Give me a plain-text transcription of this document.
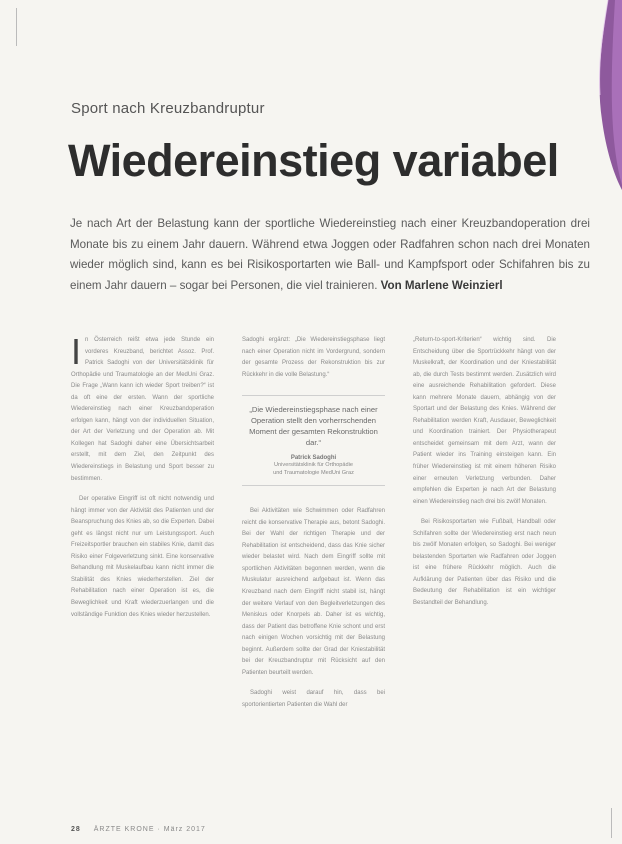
Sport nach Kreuzbandruptur
Wiedereinstieg variabel
Je nach Art der Belastung kann der sportliche Wiedereinstieg nach einer Kreuzbandoperation drei Monate bis zu einem Jahr dauern. Während etwa Joggen oder Radfahren schon nach drei Monaten wieder möglich sind, kann es bei Risikosportarten wie Ball- und Kampfsport oder Schifahren bis zu einem Jahr dauern – sogar bei Personen, die viel trainieren. Von Marlene Weinzierl

In Österreich reißt etwa jede Stunde ein vorderes Kreuzband, berichtet Assoz. Prof. Patrick Sadoghi von der Universitätsklinik für Orthopädie und Traumatologie an der MedUni Graz. Die Frage „Wann kann ich wieder Sport treiben?“ ist da oft eine der ersten. Wann der sportliche Wiedereinstieg nach einer Kreuzbandoperation erfolgen kann, hängt von der individuellen Situation, der Art der Verletzung und der Operation ab. Mit Kollegen hat Sadoghi daher eine Übersichtsarbeit erstellt, mit dem Ziel, den Zeitpunkt des Wiedereinstiegs in Belastung und Sport besser zu bestimmen.

Der operative Eingriff ist oft nicht notwendig und hängt immer von der Aktivität des Patienten und der Beanspruchung des Knies ab, so die Experten. Dabei geht es längst nicht nur um Leistungssport. Auch Freizeitsportler brauchen ein stabiles Knie, damit das Risiko einer Folgeverletzung sinkt. Eine konservative Behandlung mit Muskelaufbau kann nicht immer die Stabilität des Knies wiederherstellen. Ziel der Rehabilitation nach einer Operation ist es, die Beweglichkeit und Kraft wiederzuerlangen und die vollständige Funktion des Knies wieder herzustellen.

Sadoghi ergänzt: „Die Wiedereinstiegsphase liegt nach einer Operation nicht im Vordergrund, sondern der gesamte Prozess der Rekonstruktion bis zur Rückkehr in die volle Belastung.“

„Die Wiedereinstiegsphase nach einer Operation stellt den vorherrschenden Moment der gesamten Rekonstruktion dar.“
Patrick Sadoghi
Universitätsklinik für Orthopädie
und Traumatologie MedUni Graz

Bei Aktivitäten wie Schwimmen oder Radfahren reicht die konservative Therapie aus, betont Sadoghi. Bei der Wahl der richtigen Therapie und der Rehabilitation ist entscheidend, dass das Knie sicher wieder belastet wird. Nach dem Eingriff sollte mit sportlichen Aktivitäten begonnen werden, wenn die Muskulatur ausreichend aufgebaut ist. Wenn das Kreuzband nach dem Eingriff nicht stabil ist, hängt der weitere Verlauf von den Begleitverletzungen des Meniskus oder Knorpels ab. Daher ist es wichtig, dass der Patient das betroffene Knie schont und erst nach einigen Wochen vorsichtig mit der Belastung beginnt. Außerdem sollte der Grad der Kniestabilität bei der Kreuzbandruptur mit Rücksicht auf den Patienten beurteilt werden.

Sadoghi weist darauf hin, dass bei sportorientierten Patienten die Wahl der

„Return-to-sport-Kriterien“ wichtig sind. Die Entscheidung über die Sportrückkehr hängt von der Muskelkraft, der Koordination und der Kniestabilität ab, die durch Tests bestimmt werden. Zusätzlich wird eine ausreichende Rehabilitation gefordert. Diese kann mehrere Monate dauern, abhängig von der Sportart und der Belastung des Knies. Während der Rehabilitation werden Kraft, Ausdauer, Beweglichkeit und Koordination trainiert. Der Physiotherapeut entscheidet gemeinsam mit dem Arzt, wann der Patient wieder ins Training einsteigen kann. Ein früher Wiedereinstieg ist mit einem höheren Risiko einer erneuten Verletzung verbunden. Daher empfehlen die Experten je nach Art der Belastung einen Wiedereinstieg nach drei bis zwölf Monaten.

Bei Risikosportarten wie Fußball, Handball oder Schifahren sollte der Wiedereinstieg erst nach neun bis zwölf Monaten erfolgen, so Sadoghi. Bei weniger belastenden Sportarten wie Radfahren oder Joggen ist eine frühere Rückkehr möglich. Auch die Aufklärung der Patienten über das Risiko und die Bedeutung der Rehabilitation ist ein wichtiger Bestandteil der Behandlung.

28 ÄRZTE KRONE · März 2017
